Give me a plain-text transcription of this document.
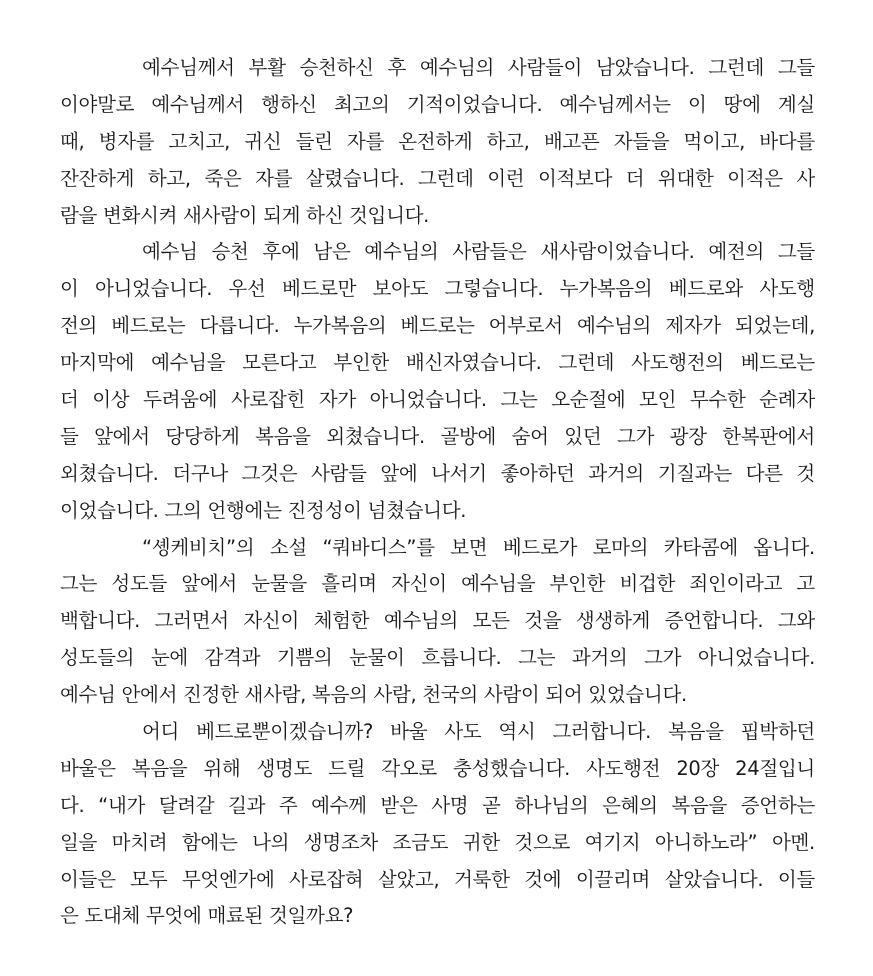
예수님께서 부활 승천하신 후 예수님의 사람들이 남았습니다. 그런데 그들
이야말로 예수님께서 행하신 최고의 기적이었습니다. 예수님께서는 이 땅에 계실
때, 병자를 고치고, 귀신 들린 자를 온전하게 하고, 배고픈 자들을 먹이고, 바다를
잔잔하게 하고, 죽은 자를 살렸습니다. 그런데 이런 이적보다 더 위대한 이적은 사
람을 변화시켜 새사람이 되게 하신 것입니다.
예수님 승천 후에 남은 예수님의 사람들은 새사람이었습니다. 예전의 그들
이 아니었습니다. 우선 베드로만 보아도 그렇습니다. 누가복음의 베드로와 사도행
전의 베드로는 다릅니다. 누가복음의 베드로는 어부로서 예수님의 제자가 되었는데,
마지막에 예수님을 모른다고 부인한 배신자였습니다. 그런데 사도행전의 베드로는
더 이상 두려움에 사로잡힌 자가 아니었습니다. 그는 오순절에 모인 무수한 순례자
들 앞에서 당당하게 복음을 외쳤습니다. 골방에 숨어 있던 그가 광장 한복판에서
외쳤습니다. 더구나 그것은 사람들 앞에 나서기 좋아하던 과거의 기질과는 다른 것
이었습니다. 그의 언행에는 진정성이 넘쳤습니다.
“솅케비치”의 소설 “쿼바디스”를 보면 베드로가 로마의 카타콤에 옵니다.
그는 성도들 앞에서 눈물을 흘리며 자신이 예수님을 부인한 비겁한 죄인이라고 고
백합니다. 그러면서 자신이 체험한 예수님의 모든 것을 생생하게 증언합니다. 그와
성도들의 눈에 감격과 기쁨의 눈물이 흐릅니다. 그는 과거의 그가 아니었습니다.
예수님 안에서 진정한 새사람, 복음의 사람, 천국의 사람이 되어 있었습니다.
어디 베드로뿐이겠습니까? 바울 사도 역시 그러합니다. 복음을 핍박하던
바울은 복음을 위해 생명도 드릴 각오로 충성했습니다. 사도행전 20장 24절입니
다. “내가 달려갈 길과 주 예수께 받은 사명 곧 하나님의 은혜의 복음을 증언하는
일을 마치려 함에는 나의 생명조차 조금도 귀한 것으로 여기지 아니하노라” 아멘.
이들은 모두 무엇엔가에 사로잡혀 살았고, 거룩한 것에 이끌리며 살았습니다. 이들
은 도대체 무엇에 매료된 것일까요?
